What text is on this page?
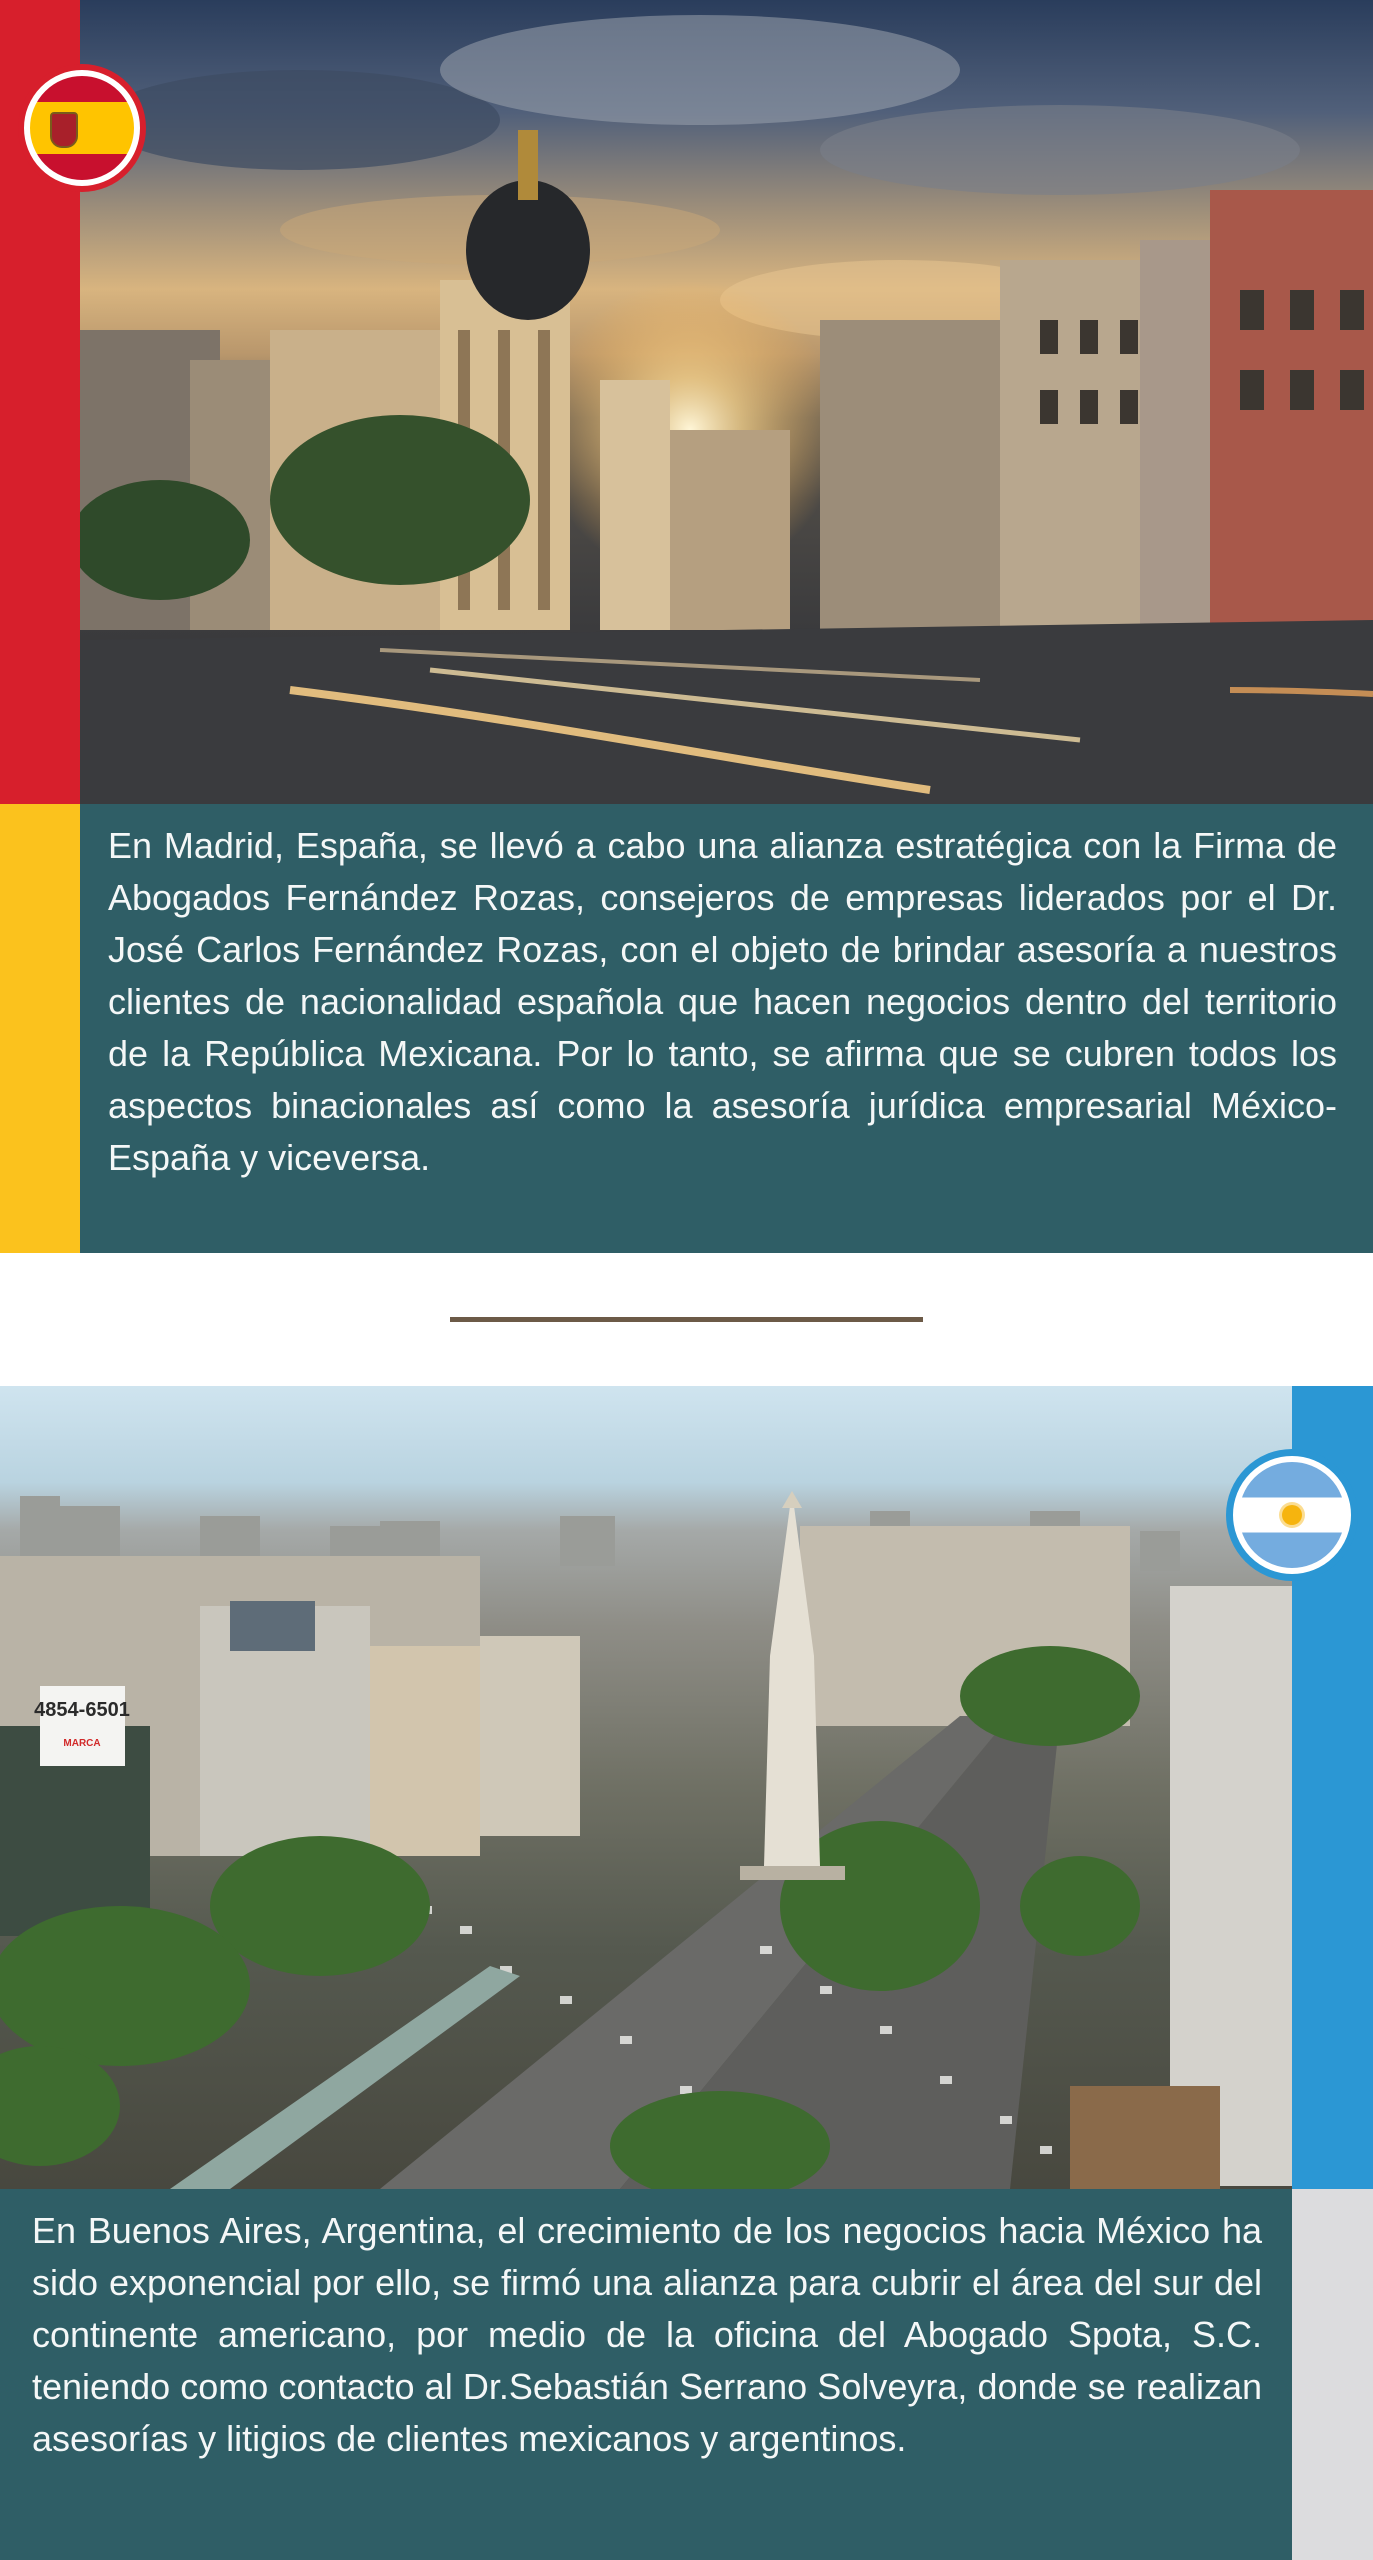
En Madrid, España, se llevó a cabo una alianza estratégica con la Firma de Abogados Fernández Rozas, consejeros de empresas liderados por el Dr. José Carlos Fernández Rozas, con el objeto de brindar asesoría a nuestros clientes de nacionalidad española que hacen negocios dentro del territorio de la República Mexicana. Por lo tanto, se afirma que se cubren todos los aspectos binacionales así como la asesoría jurídica empresarial México-España y viceversa.

4854-6501
MARCA

En Buenos Aires, Argentina, el crecimiento de los negocios hacia México ha sido exponencial por ello, se firmó una alianza para cubrir el área del sur del continente americano, por medio de la oficina del Abogado Spota, S.C. teniendo como contacto al Dr.Sebastián Serrano Solveyra, donde se realizan asesorías y litigios de clientes mexicanos y argentinos.
